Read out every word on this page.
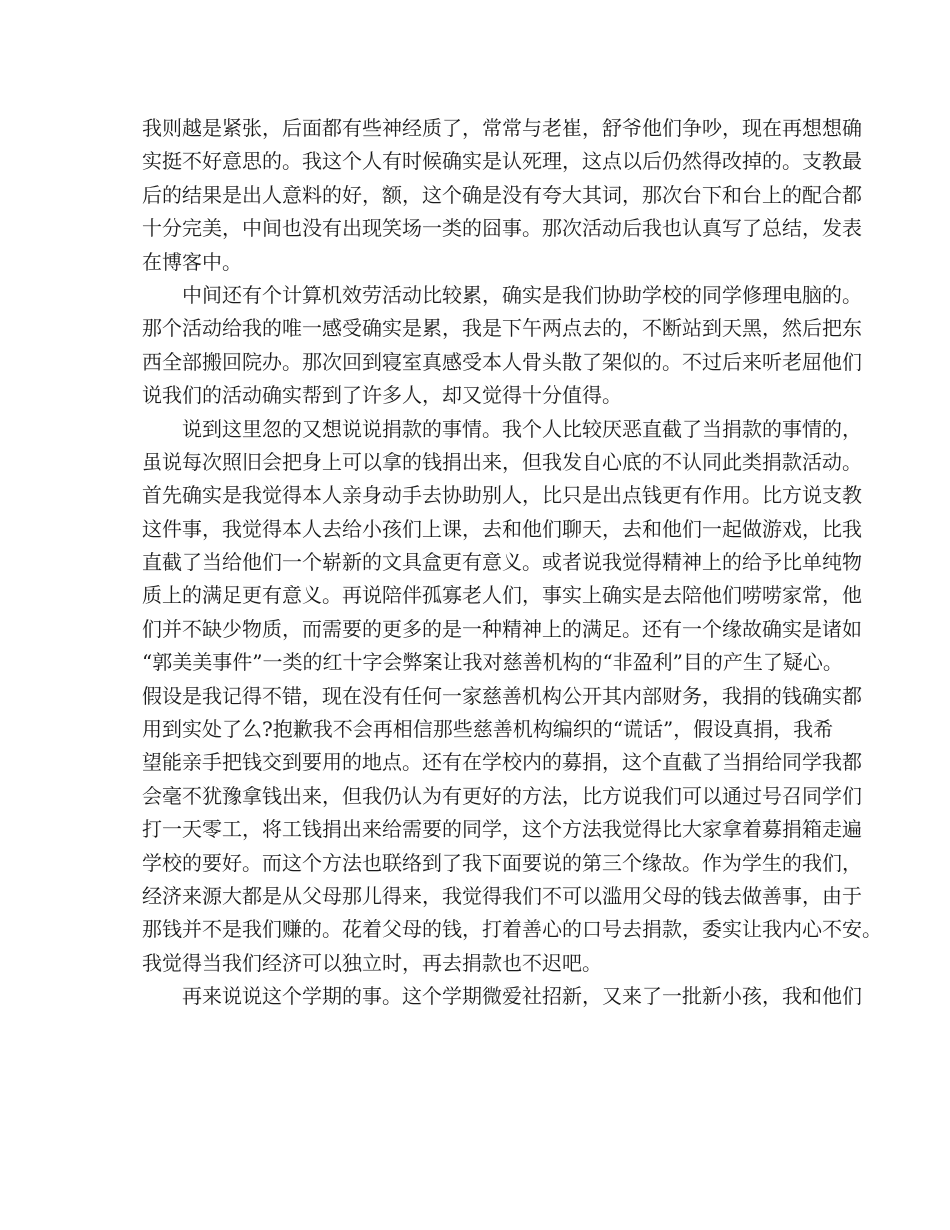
我则越是紧张，后面都有些神经质了，常常与老崔，舒爷他们争吵，现在再想想确
实挺不好意思的。我这个人有时候确实是认死理，这点以后仍然得改掉的。支教最
后的结果是出人意料的好，额，这个确是没有夸大其词，那次台下和台上的配合都
十分完美，中间也没有出现笑场一类的囧事。那次活动后我也认真写了总结，发表
在博客中。
中间还有个计算机效劳活动比较累，确实是我们协助学校的同学修理电脑的。
那个活动给我的唯一感受确实是累，我是下午两点去的，不断站到天黑，然后把东
西全部搬回院办。那次回到寝室真感受本人骨头散了架似的。不过后来听老屈他们
说我们的活动确实帮到了许多人，却又觉得十分值得。
说到这里忽的又想说说捐款的事情。我个人比较厌恶直截了当捐款的事情的，
虽说每次照旧会把身上可以拿的钱捐出来，但我发自心底的不认同此类捐款活动。
首先确实是我觉得本人亲身动手去协助别人，比只是出点钱更有作用。比方说支教
这件事，我觉得本人去给小孩们上课，去和他们聊天，去和他们一起做游戏，比我
直截了当给他们一个崭新的文具盒更有意义。或者说我觉得精神上的给予比单纯物
质上的满足更有意义。再说陪伴孤寡老人们，事实上确实是去陪他们唠唠家常，他
们并不缺少物质，而需要的更多的是一种精神上的满足。还有一个缘故确实是诸如
“郭美美事件”一类的红十字会弊案让我对慈善机构的“非盈利”目的产生了疑心。
假设是我记得不错，现在没有任何一家慈善机构公开其内部财务，我捐的钱确实都
用到实处了么?抱歉我不会再相信那些慈善机构编织的“谎话”，假设真捐，我希
望能亲手把钱交到要用的地点。还有在学校内的募捐，这个直截了当捐给同学我都
会毫不犹豫拿钱出来，但我仍认为有更好的方法，比方说我们可以通过号召同学们
打一天零工，将工钱捐出来给需要的同学，这个方法我觉得比大家拿着募捐箱走遍
学校的要好。而这个方法也联络到了我下面要说的第三个缘故。作为学生的我们，
经济来源大都是从父母那儿得来，我觉得我们不可以滥用父母的钱去做善事，由于
那钱并不是我们赚的。花着父母的钱，打着善心的口号去捐款，委实让我内心不安。
我觉得当我们经济可以独立时，再去捐款也不迟吧。
再来说说这个学期的事。这个学期微爱社招新，又来了一批新小孩，我和他们
